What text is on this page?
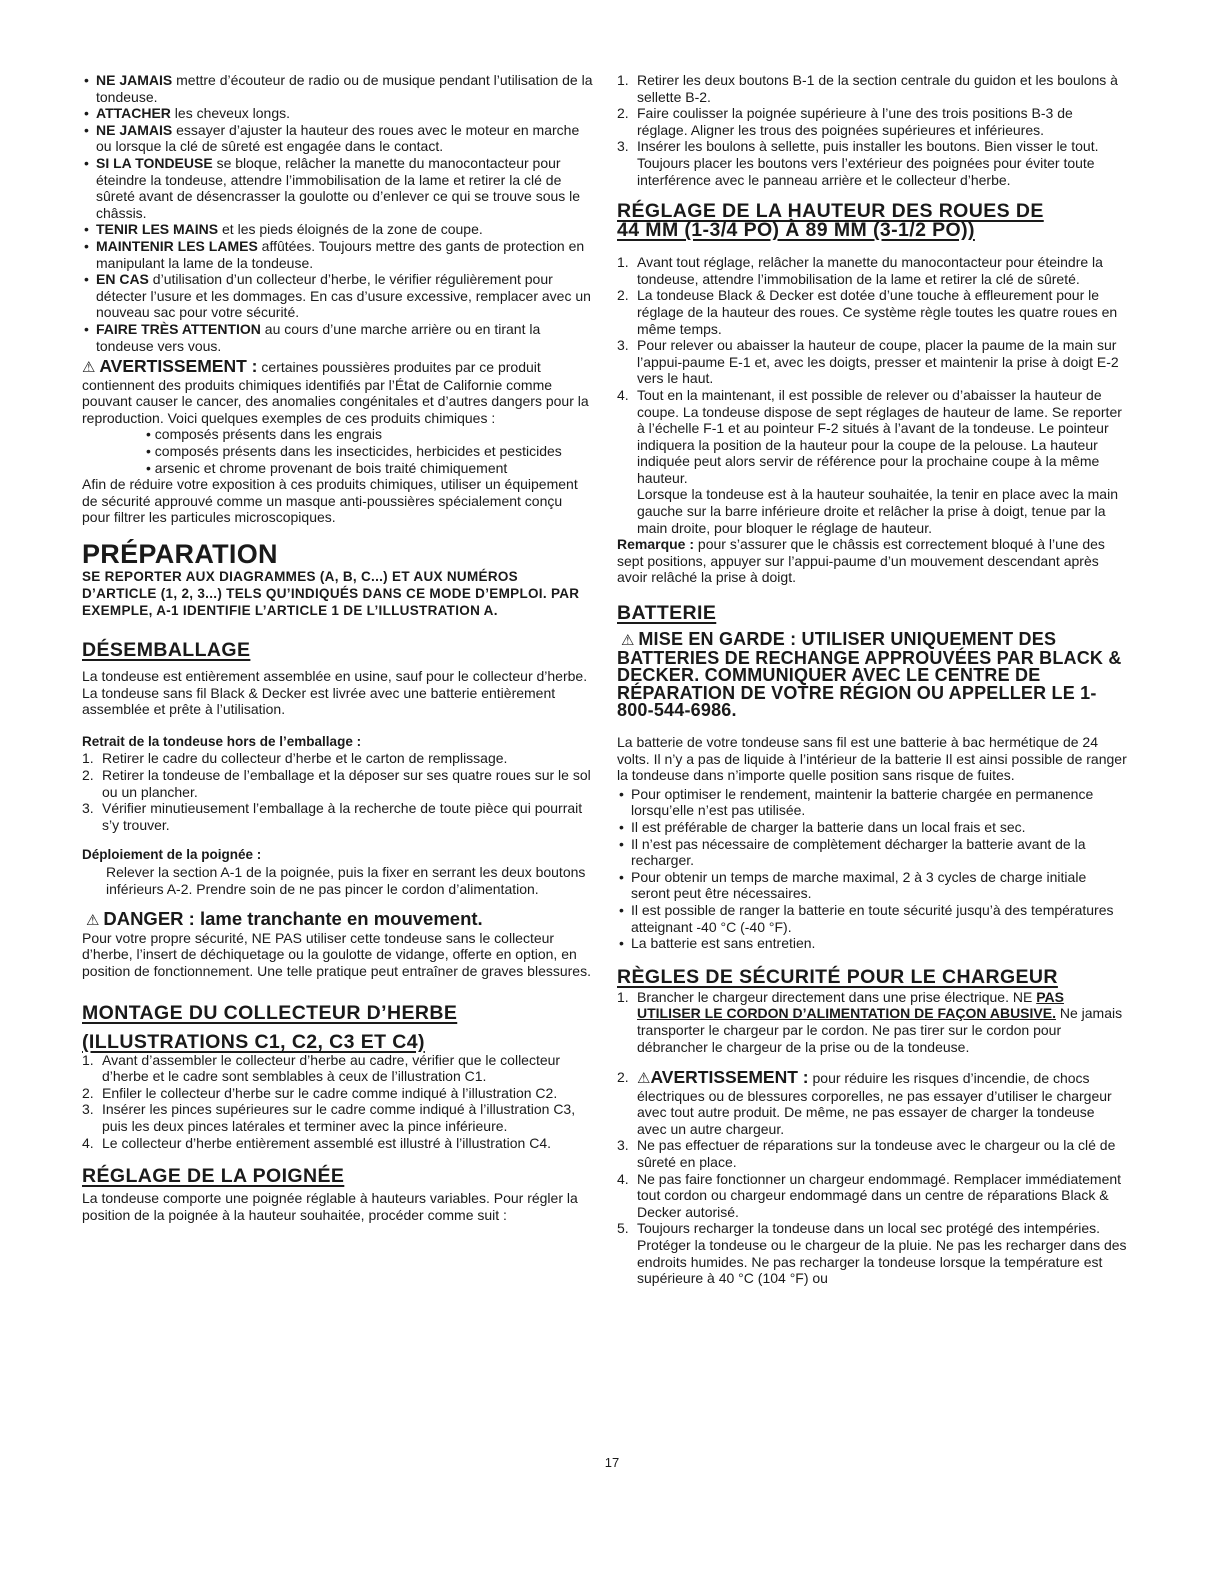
• NE JAMAIS mettre d’écouteur de radio ou de musique pendant l’utilisation de la tondeuse.
• ATTACHER les cheveux longs.
• NE JAMAIS essayer d’ajuster la hauteur des roues avec le moteur en marche ou lorsque la clé de sûreté est engagée dans le contact.
• SI LA TONDEUSE se bloque, relâcher la manette du manocontacteur pour éteindre la tondeuse, attendre l’immobilisation de la lame et retirer la clé de sûreté avant de désencrasser la goulotte ou d’enlever ce qui se trouve sous le châssis.
• TENIR LES MAINS et les pieds éloignés de la zone de coupe.
• MAINTENIR LES LAMES affûtées. Toujours mettre des gants de protection en manipulant la lame de la tondeuse.
• EN CAS d’utilisation d’un collecteur d’herbe, le vérifier régulièrement pour détecter l’usure et les dommages. En cas d’usure excessive, remplacer avec un nouveau sac pour votre sécurité.
• FAIRE TRÈS ATTENTION au cours d’une marche arrière ou en tirant la tondeuse vers vous.

⚠ AVERTISSEMENT : certaines poussières produites par ce produit contiennent des produits chimiques identifiés par l’État de Californie comme pouvant causer le cancer, des anomalies congénitales et d’autres dangers pour la reproduction. Voici quelques exemples de ces produits chimiques :

• composés présents dans les engrais
• composés présents dans les insecticides, herbicides et pesticides
• arsenic et chrome provenant de bois traité chimiquement

Afin de réduire votre exposition à ces produits chimiques, utiliser un équipement de sécurité approuvé comme un masque anti-poussières spécialement conçu pour filtrer les particules microscopiques.

PRÉPARATION
SE REPORTER AUX DIAGRAMMES (A, B, C...) ET AUX NUMÉROS D’ARTICLE (1, 2, 3...) TELS QU’INDIQUÉS DANS CE MODE D’EMPLOI. PAR EXEMPLE, A-1 IDENTIFIE L’ARTICLE 1 DE L’ILLUSTRATION A.
DÉSEMBALLAGE

La tondeuse est entièrement assemblée en usine, sauf pour le collecteur d’herbe. La tondeuse sans fil Black & Decker est livrée avec une batterie entièrement assemblée et prête à l’utilisation.

Retrait de la tondeuse hors de l’emballage :

1. Retirer le cadre du collecteur d’herbe et le carton de remplissage.
2. Retirer la tondeuse de l’emballage et la déposer sur ses quatre roues sur le sol ou un plancher.
3. Vérifier minutieusement l’emballage à la recherche de toute pièce qui pourrait s’y trouver.

Déploiement de la poignée :

Relever la section A-1 de la poignée, puis la fixer en serrant les deux boutons inférieurs A-2. Prendre soin de ne pas pincer le cordon d’alimentation.

⚠ DANGER : lame tranchante en mouvement.

Pour votre propre sécurité, NE PAS utiliser cette tondeuse sans le collecteur d’herbe, l’insert de déchiquetage ou la goulotte de vidange, offerte en option, en position de fonctionnement. Une telle pratique peut entraîner de graves blessures.

MONTAGE DU COLLECTEUR D’HERBE
(ILLUSTRATIONS C1, C2, C3 ET C4)
1. Avant d’assembler le collecteur d’herbe au cadre, vérifier que le collecteur d’herbe et le cadre sont semblables à ceux de l’illustration C1.
2. Enfiler le collecteur d’herbe sur le cadre comme indiqué à l’illustration C2.
3. Insérer les pinces supérieures sur le cadre comme indiqué à l’illustration C3, puis les deux pinces latérales et terminer avec la pince inférieure.
4. Le collecteur d’herbe entièrement assemblé est illustré à l’illustration C4.
RÉGLAGE DE LA POIGNÉE

La tondeuse comporte une poignée réglable à hauteurs variables. Pour régler la position de la poignée à la hauteur souhaitée, procéder comme suit :

1. Retirer les deux boutons B-1 de la section centrale du guidon et les boulons à sellette B-2.
2. Faire coulisser la poignée supérieure à l’une des trois positions B-3 de réglage. Aligner les trous des poignées supérieures et inférieures.
3. Insérer les boulons à sellette, puis installer les boutons. Bien visser le tout. Toujours placer les boutons vers l’extérieur des poignées pour éviter toute interférence avec le panneau arrière et le collecteur d’herbe.
RÉGLAGE DE LA HAUTEUR DES ROUES DE
44 MM (1-3/4 PO) À 89 MM (3-1/2 PO))
1. Avant tout réglage, relâcher la manette du manocontacteur pour éteindre la tondeuse, attendre l’immobilisation de la lame et retirer la clé de sûreté.
2. La tondeuse Black & Decker est dotée d’une touche à effleurement pour le réglage de la hauteur des roues. Ce système règle toutes les quatre roues en même temps.
3. Pour relever ou abaisser la hauteur de coupe, placer la paume de la main sur l’appui-paume E-1 et, avec les doigts, presser et maintenir la prise à doigt E-2 vers le haut.
4. Tout en la maintenant, il est possible de relever ou d’abaisser la hauteur de coupe. La tondeuse dispose de sept réglages de hauteur de lame. Se reporter à l’échelle F-1 et au pointeur F-2 situés à l’avant de la tondeuse. Le pointeur indiquera la position de la hauteur pour la coupe de la pelouse. La hauteur indiquée peut alors servir de référence pour la prochaine coupe à la même hauteur.
Lorsque la tondeuse est à la hauteur souhaitée, la tenir en place avec la main gauche sur la barre inférieure droite et relâcher la prise à doigt, tenue par la main droite, pour bloquer le réglage de hauteur.

Remarque : pour s’assurer que le châssis est correctement bloqué à l’une des sept positions, appuyer sur l’appui-paume d’un mouvement descendant après avoir relâché la prise à doigt.

BATTERIE

⚠ MISE EN GARDE : UTILISER UNIQUEMENT DES BATTERIES DE RECHANGE APPROUVÉES PAR BLACK & DECKER. COMMUNIQUER AVEC LE CENTRE DE RÉPARATION DE VOTRE RÉGION OU APPELLER LE 1-800-544-6986.

La batterie de votre tondeuse sans fil est une batterie à bac hermétique de 24 volts. Il n’y a pas de liquide à l’intérieur de la batterie Il est ainsi possible de ranger la tondeuse dans n’importe quelle position sans risque de fuites.

• Pour optimiser le rendement, maintenir la batterie chargée en permanence lorsqu’elle n’est pas utilisée.
• Il est préférable de charger la batterie dans un local frais et sec.
• Il n’est pas nécessaire de complètement décharger la batterie avant de la recharger.
• Pour obtenir un temps de marche maximal, 2 à 3 cycles de charge initiale seront peut être nécessaires.
• Il est possible de ranger la batterie en toute sécurité jusqu’à des températures atteignant -40 °C (-40 °F).
• La batterie est sans entretien.
RÈGLES DE SÉCURITÉ POUR LE CHARGEUR
1. Brancher le chargeur directement dans une prise électrique. NE PAS UTILISER LE CORDON D’ALIMENTATION DE FAÇON ABUSIVE. Ne jamais transporter le chargeur par le cordon. Ne pas tirer sur le cordon pour débrancher le chargeur de la prise ou de la tondeuse.
2. ⚠AVERTISSEMENT : pour réduire les risques d’incendie, de chocs électriques ou de blessures corporelles, ne pas essayer d’utiliser le chargeur avec tout autre produit. De même, ne pas essayer de charger la tondeuse avec un autre chargeur.
3. Ne pas effectuer de réparations sur la tondeuse avec le chargeur ou la clé de sûreté en place.
4. Ne pas faire fonctionner un chargeur endommagé. Remplacer immédiatement tout cordon ou chargeur endommagé dans un centre de réparations Black & Decker autorisé.
5. Toujours recharger la tondeuse dans un local sec protégé des intempéries. Protéger la tondeuse ou le chargeur de la pluie. Ne pas les recharger dans des endroits humides. Ne pas recharger la tondeuse lorsque la température est supérieure à 40 °C (104 °F) ou
17
